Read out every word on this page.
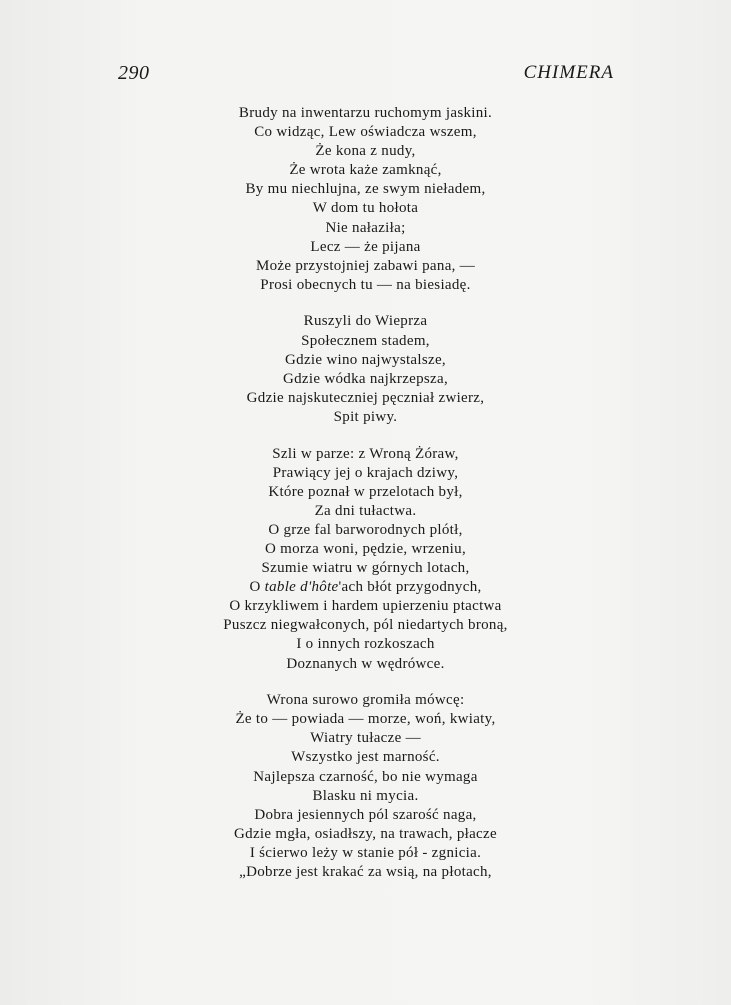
290	CHIMERA
Brudy na inwentarzu ruchomym jaskini.
Co widząc, Lew oświadcza wszem,
Że kona z nudy,
Że wrota każe zamknąć,
By mu niechlujna, ze swym nieładem,
W dom tu hołota
Nie nałaziła;
Lecz — że pijana
Może przystojniej zabawi pana, —
Prosi obecnych tu — na biesiadę.
Ruszyli do Wieprza
Społecznem stadem,
Gdzie wino najwystalsze,
Gdzie wódka najkrzepsza,
Gdzie najskuteczniej pęczniał zwierz,
Spit piwy.
Szli w parze: z Wroną Żóraw,
Prawiący jej o krajach dziwy,
Które poznał w przelotach był,
Za dni tułactwa.
O grze fal barworodnych plótł,
O morza woni, pędzie, wrzeniu,
Szumie wiatru w górnych lotach,
O table d'hôte'ach błót przygodnych,
O krzykliwem i hardem upierzeniu ptactwa
Puszcz niegwałconych, pól niedartych broną,
I o innych rozkoszach
Doznanych w wędrówce.
Wrona surowo gromiła mówcę:
Że to — powiada — morze, woń, kwiaty,
Wiatry tułacze —
Wszystko jest marność.
Najlepsza czarność, bo nie wymaga
Blasku ni mycia.
Dobra jesiennych pól szarość naga,
Gdzie mgła, osiadłszy, na trawach, płacze
I ścierwo leży w stanie pół - zgnicia.
„Dobrze jest krakać za wsią, na płotach,
